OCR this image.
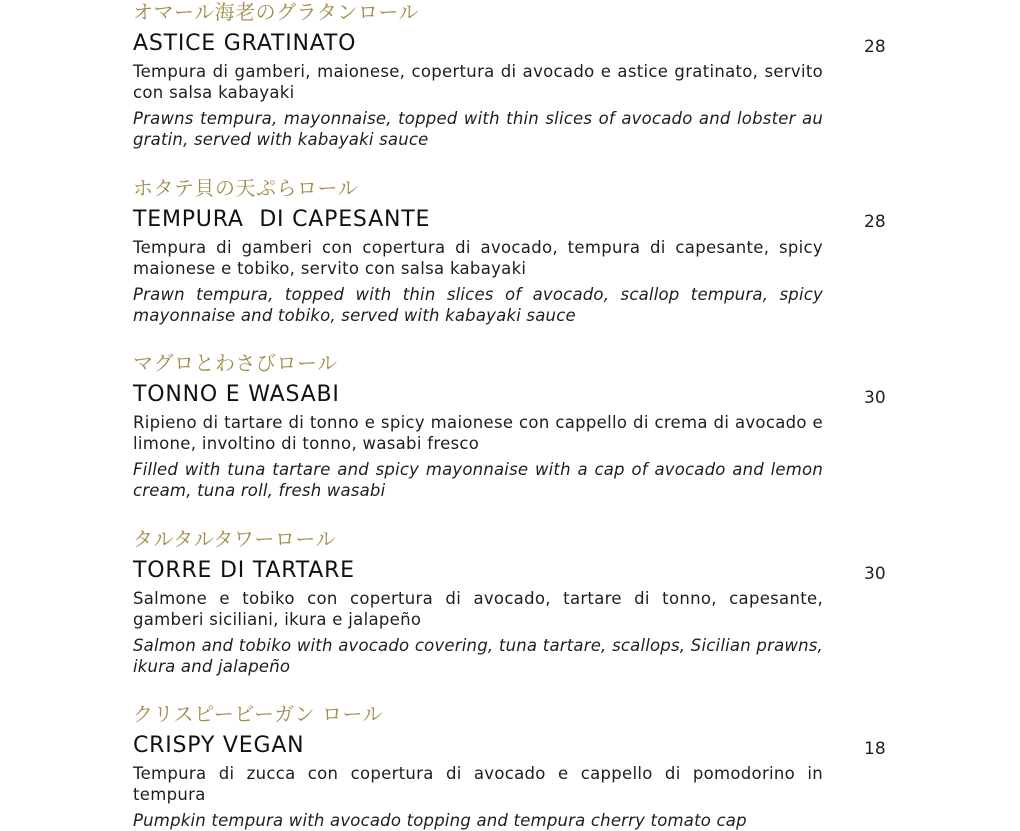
オマール海老のグラタンロール
ASTICE GRATINATO
Tempura di gamberi, maionese, copertura di avocado e astice gratinato, servito con salsa kabayaki
Prawns tempura, mayonnaise, topped with thin slices of avocado and lobster au gratin, served with kabayaki sauce
28
ホタテ貝の天ぷらロール
TEMPURA  DI CAPESANTE
Tempura di gamberi con copertura di avocado, tempura di capesante, spicy maionese e tobiko, servito con salsa kabayaki
Prawn tempura, topped with thin slices of avocado, scallop tempura, spicy mayonnaise and tobiko, served with kabayaki sauce
28
マグロとわさびロール
TONNO E WASABI
Ripieno di tartare di tonno e spicy maionese con cappello di crema di avocado e limone, involtino di tonno, wasabi fresco
Filled with tuna tartare and spicy mayonnaise with a cap of avocado and lemon cream, tuna roll, fresh wasabi
30
タルタルタワーロール
TORRE DI TARTARE
Salmone e tobiko con copertura di avocado, tartare di tonno, capesante, gamberi siciliani, ikura e jalapeño
Salmon and tobiko with avocado covering, tuna tartare, scallops, Sicilian prawns, ikura and jalapeño
30
クリスピービーガン ロール
CRISPY VEGAN
Tempura di zucca con copertura di avocado e cappello di pomodorino in tempura
Pumpkin tempura with avocado topping and tempura cherry tomato cap
18
